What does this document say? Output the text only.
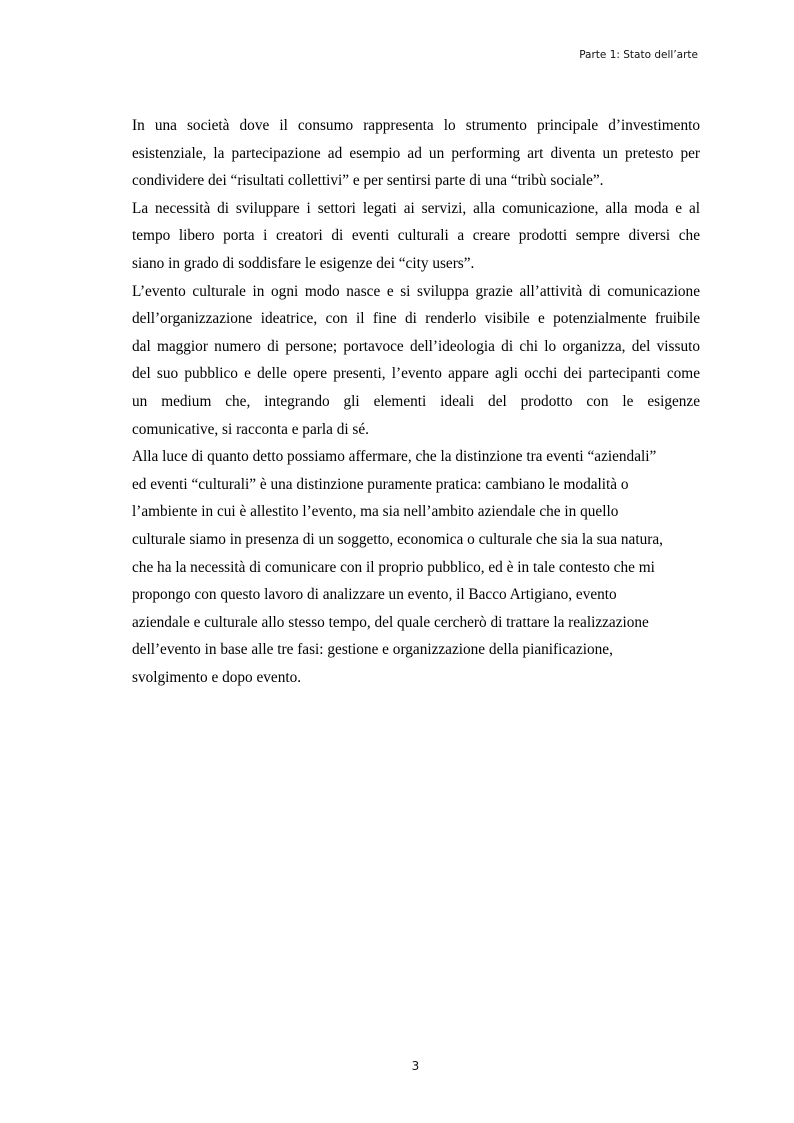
Parte 1: Stato dell’arte

In una società dove il consumo rappresenta lo strumento principale d’investimento
esistenziale, la partecipazione ad esempio ad un performing art diventa un pretesto per
condividere dei “risultati collettivi” e per sentirsi parte di una “tribù sociale”.

La necessità di sviluppare i settori legati ai servizi, alla comunicazione, alla moda e al
tempo libero porta i creatori di eventi culturali a creare prodotti sempre diversi che
siano in grado di soddisfare le esigenze dei “city users”.

L’evento culturale in ogni modo nasce e si sviluppa grazie all’attività di comunicazione
dell’organizzazione ideatrice, con il fine di renderlo visibile e potenzialmente fruibile
dal maggior numero di persone; portavoce dell’ideologia di chi lo organizza, del vissuto
del suo pubblico e delle opere presenti, l’evento appare agli occhi dei partecipanti come
un medium che, integrando gli elementi ideali del prodotto con le esigenze
comunicative, si racconta e parla di sé.

Alla luce di quanto detto possiamo affermare, che la distinzione tra eventi “aziendali”
ed eventi “culturali” è una distinzione puramente pratica: cambiano le modalità o
l’ambiente in cui è allestito l’evento, ma sia nell’ambito aziendale che in quello
culturale siamo in presenza di un soggetto, economica o culturale che sia la sua natura,
che ha la necessità di comunicare con il proprio pubblico, ed è in tale contesto che mi
propongo con questo lavoro di analizzare un evento, il Bacco Artigiano, evento
aziendale e culturale allo stesso tempo, del quale cercherò di trattare la realizzazione
dell’evento in base alle tre fasi: gestione e organizzazione della pianificazione,
svolgimento e dopo evento.

3
